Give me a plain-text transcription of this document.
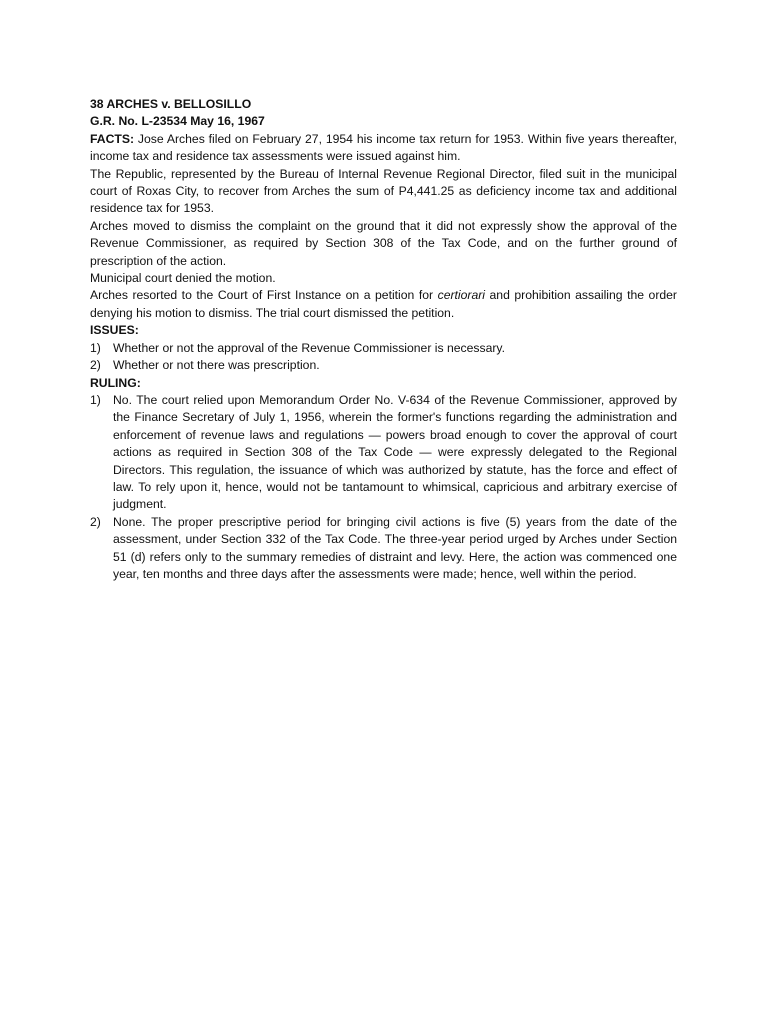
38 ARCHES v. BELLOSILLO

G.R. No. L-23534 May 16, 1967

FACTS: Jose Arches filed on February 27, 1954 his income tax return for 1953. Within five years thereafter, income tax and residence tax assessments were issued against him.

The Republic, represented by the Bureau of Internal Revenue Regional Director, filed suit in the municipal court of Roxas City, to recover from Arches the sum of P4,441.25 as deficiency income tax and additional residence tax for 1953.

Arches moved to dismiss the complaint on the ground that it did not expressly show the approval of the Revenue Commissioner, as required by Section 308 of the Tax Code, and on the further ground of prescription of the action.

Municipal court denied the motion.

Arches resorted to the Court of First Instance on a petition for certiorari and prohibition assailing the order denying his motion to dismiss. The trial court dismissed the petition.

ISSUES:

1) Whether or not the approval of the Revenue Commissioner is necessary.
2) Whether or not there was prescription.

RULING:

1) No. The court relied upon Memorandum Order No. V-634 of the Revenue Commissioner, approved by the Finance Secretary of July 1, 1956, wherein the former's functions regarding the administration and enforcement of revenue laws and regulations — powers broad enough to cover the approval of court actions as required in Section 308 of the Tax Code — were expressly delegated to the Regional Directors. This regulation, the issuance of which was authorized by statute, has the force and effect of law. To rely upon it, hence, would not be tantamount to whimsical, capricious and arbitrary exercise of judgment.
2) None. The proper prescriptive period for bringing civil actions is five (5) years from the date of the assessment, under Section 332 of the Tax Code. The three-year period urged by Arches under Section 51 (d) refers only to the summary remedies of distraint and levy. Here, the action was commenced one year, ten months and three days after the assessments were made; hence, well within the period.
